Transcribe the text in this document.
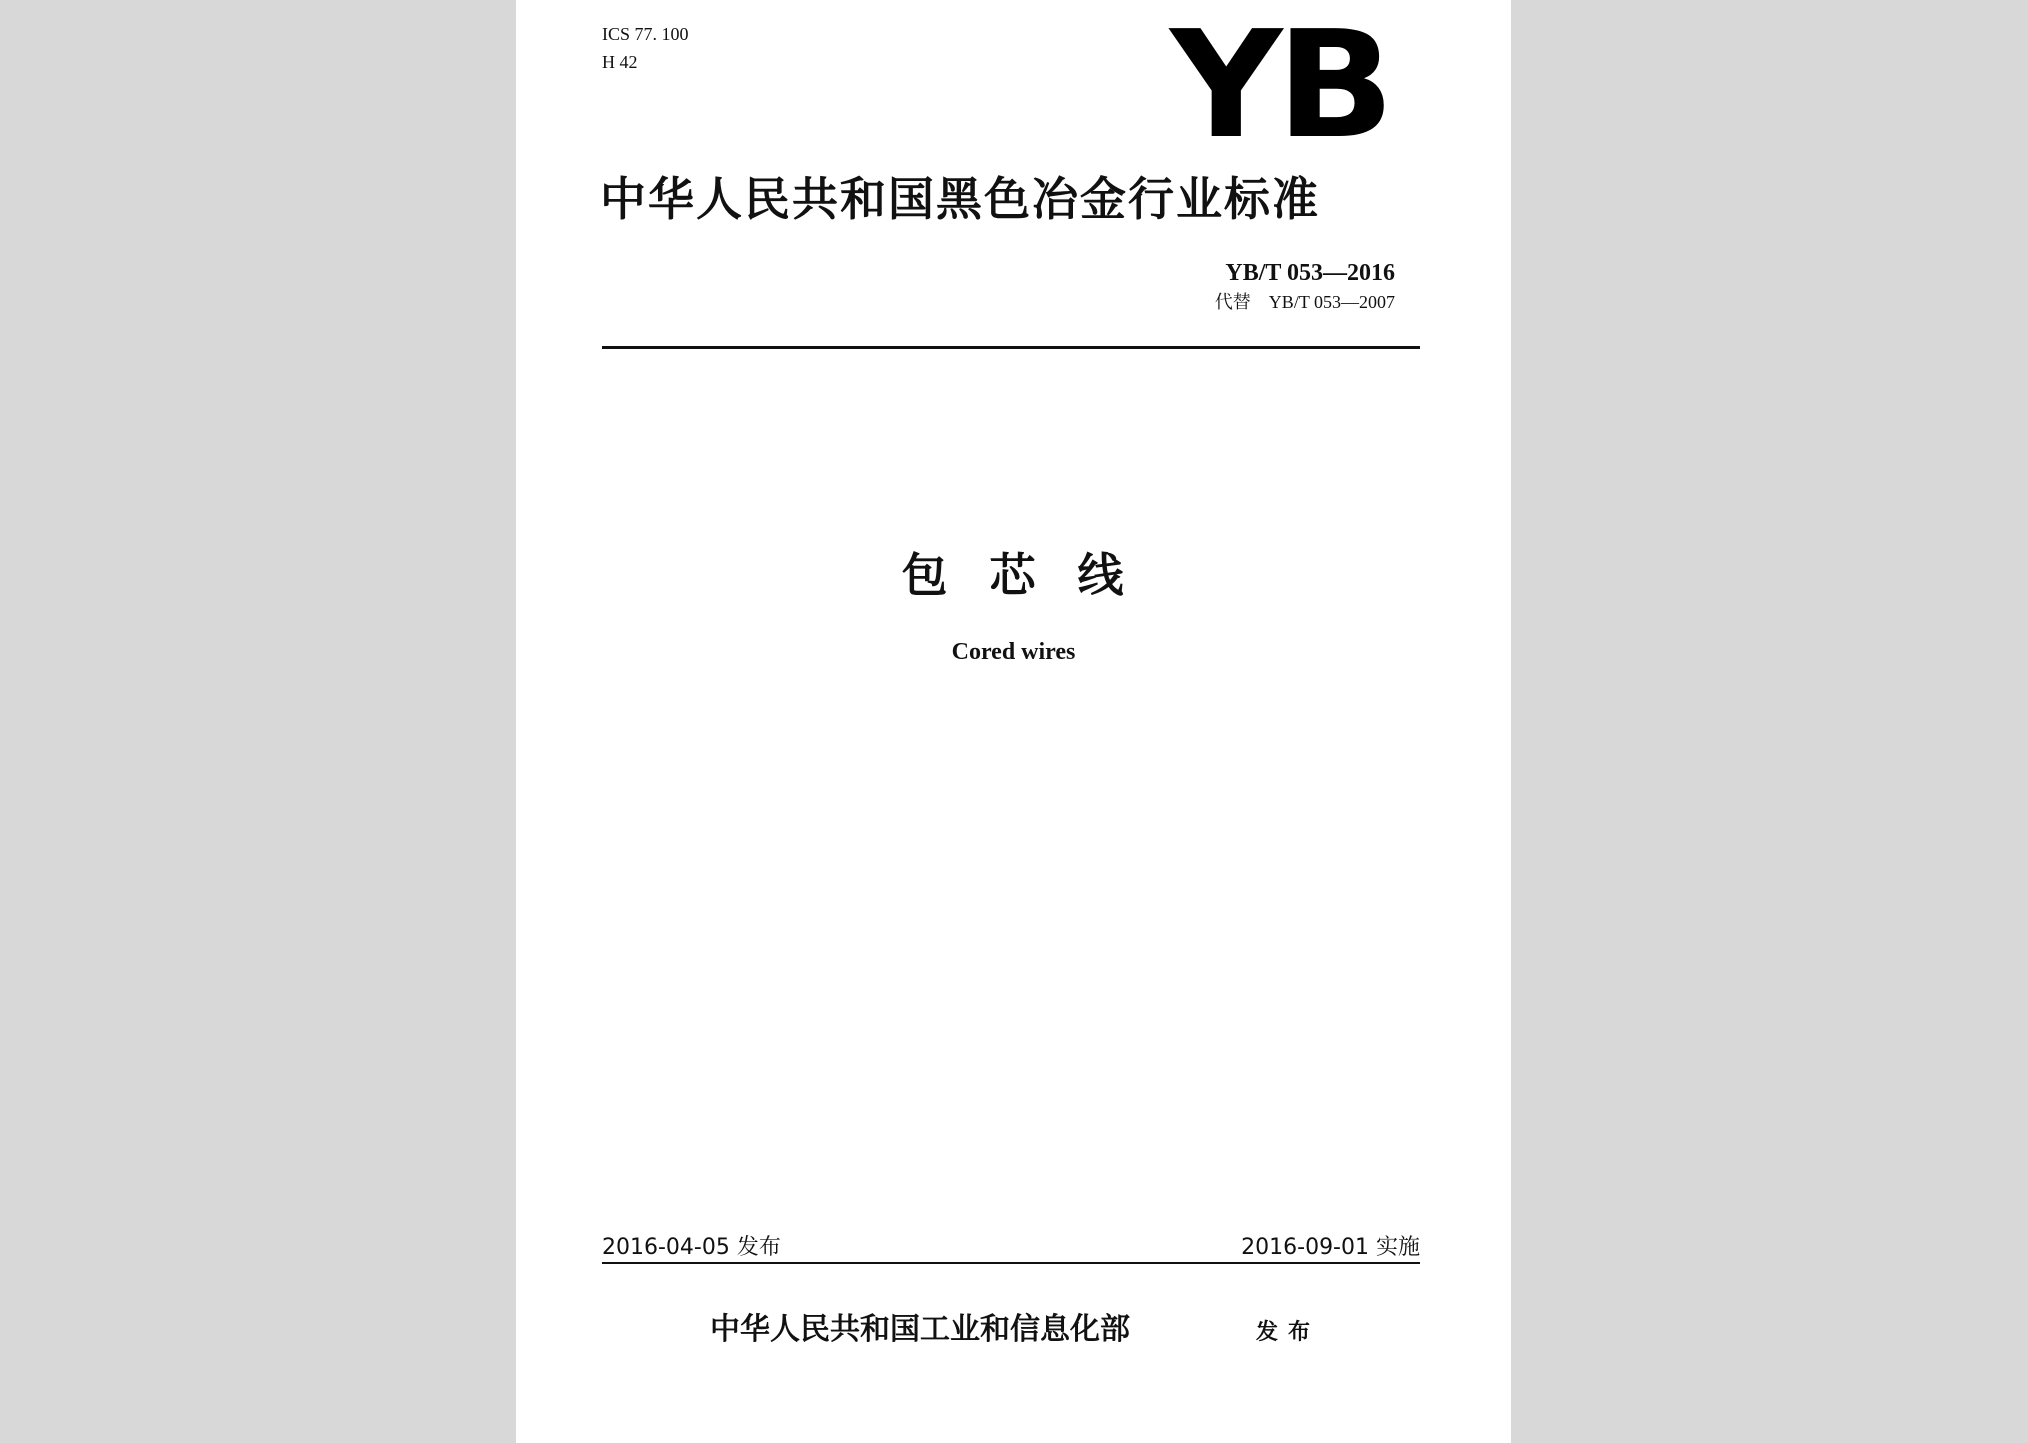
ICS 77. 100
H 42	YB
中华人民共和国黑色冶金行业标准
YB/T 053—2016
代替　YB/T 053—2007
包芯线
Cored wires
2016-04-05 发布	2016-09-01 实施
中华人民共和国工业和信息化部	发布
